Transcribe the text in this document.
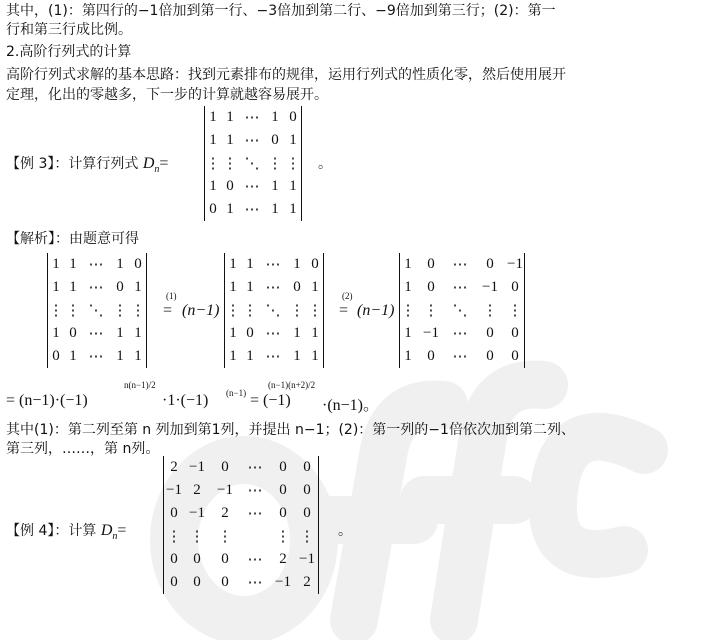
其中，(1)：第四行的−1倍加到第一行、−3倍加到第二行、−9倍加到第三行；(2)：第一
行和第三行成比例。
2.高阶行列式的计算
高阶行列式求解的基本思路：找到元素排布的规律，运用行列式的性质化零，然后使用展开
定理，化出的零越多，下一步的计算就越容易展开。
【例 3】：计算行列式 $D_n=$
1	1	⋯	1	0
1	1	⋯	0	1
⋮	⋮	⋱	⋮	⋮
1	0	⋯	1	1
0	1	⋯	1	1
。
【解析】：由题意可得
1	1	⋯	1	0
1	1	⋯	0	1
⋮	⋮	⋱	⋮	⋮
1	0	⋯	1	1
0	1	⋯	1	1
(1)
= (n−1)
1	1	⋯	1	0
1	1	⋯	0	1
⋮	⋮	⋱	⋮	⋮
1	0	⋯	1	1
1	1	⋯	1	1
(2)
= (n−1)
1	0	⋯	0	−1
1	0	⋯	−1	0
⋮	⋮	⋱	⋮	⋮
1	−1	⋯	0	0
1	0	⋯	0	0
= (n−1)·(−1)
n(n−1)/2
·1·(−1) (n−1) = (−1)
(n−1)(n+2)/2
·(n−1)。
其中(1)：第二列至第 n 列加到第1列，并提出 n−1；(2)：第一列的−1倍依次加到第二列、
第三列，……，第 n列。
【例 4】：计算 $D_n=$
2	−1	0	⋯	0	0
−1	2	−1	⋯	0	0
0	−1	2	⋯	0	0
⋮	⋮	⋮		⋮	⋮
0	0	0	⋯	2	−1
0	0	0	⋯	−1	2
。
